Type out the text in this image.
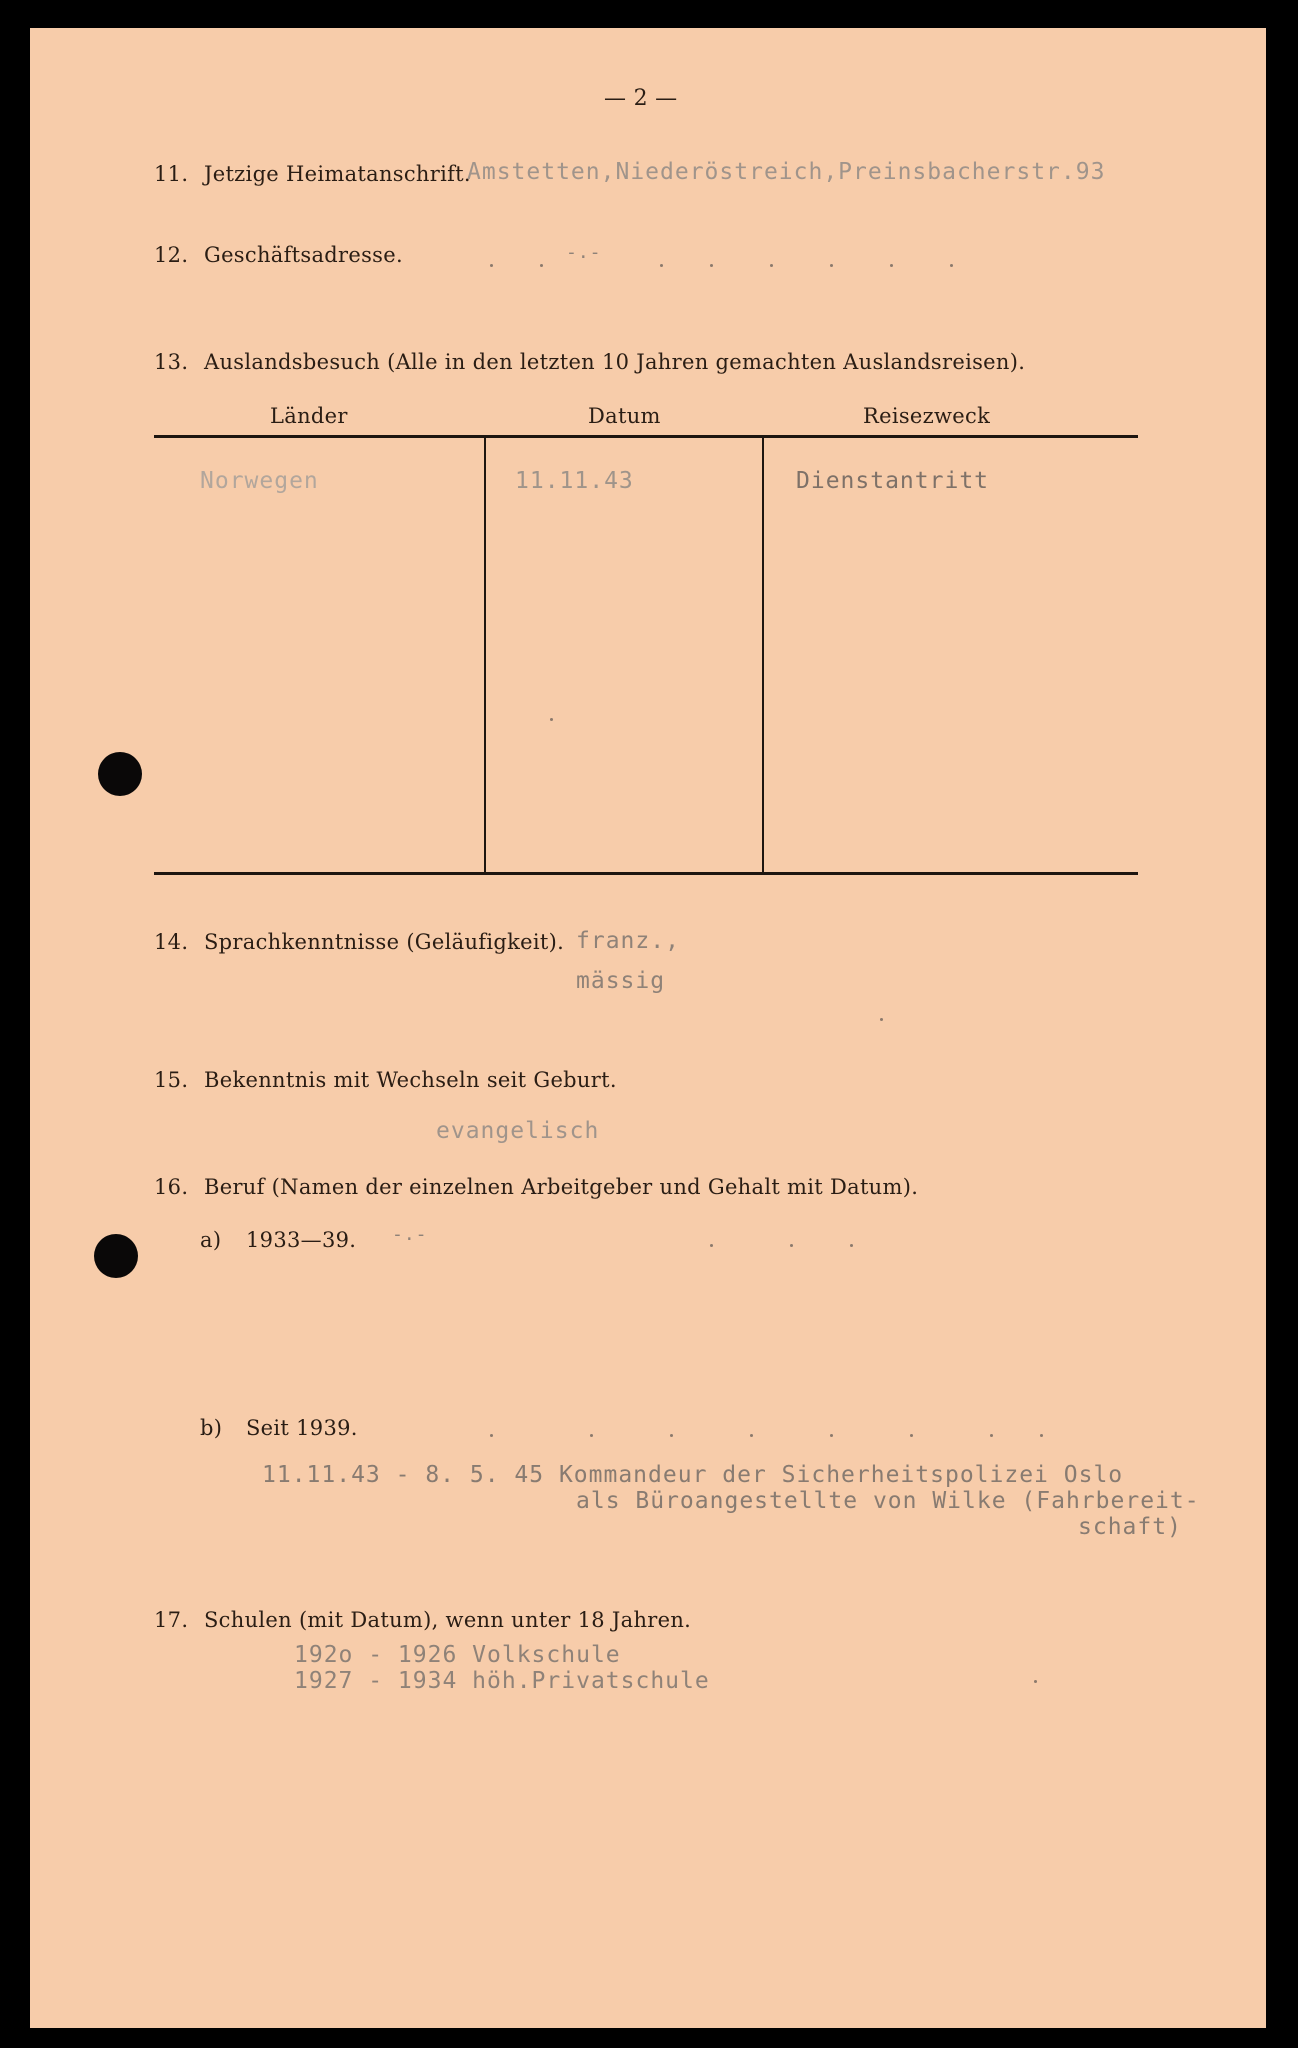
— 2 —
11. Jetzige Heimatanschrift.
Amstetten,Niederöstreich,Preinsbacherstr.93
12. Geschäftsadresse.	-.-
13. Auslandsbesuch (Alle in den letzten 10 Jahren gemachten Auslandsreisen).
Länder	Datum	Reisezweck
Norwegen	11.11.43	Dienstantritt
14. Sprachkenntnisse (Geläufigkeit). franz.,
mässig
15. Bekenntnis mit Wechseln seit Geburt.
evangelisch
16. Beruf (Namen der einzelnen Arbeitgeber und Gehalt mit Datum).
a) 1933—39. -.-
b) Seit 1939.
11.11.43 - 8. 5. 45 Kommandeur der Sicherheitspolizei Oslo
als Büroangestellte von Wilke (Fahrbereit-
schaft)
17. Schulen (mit Datum), wenn unter 18 Jahren.
192o - 1926 Volkschule
1927 - 1934 höh.Privatschule
